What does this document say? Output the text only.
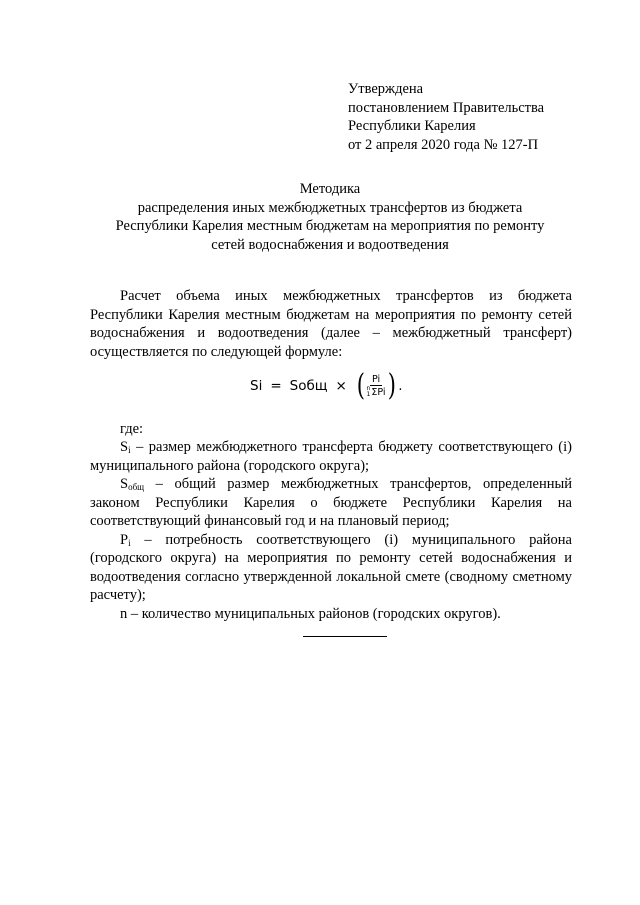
Утверждена
постановлением Правительства
Республики Карелия
от 2 апреля 2020 года № 127-П
Методика
распределения иных межбюджетных трансфертов из бюджета
Республики Карелия местным бюджетам на мероприятия по ремонту
сетей водоснабжения и водоотведения
Расчет объема иных межбюджетных трансфертов из бюджета Республики Карелия местным бюджетам на мероприятия по ремонту сетей водоснабжения и водоотведения (далее – межбюджетный трансферт) осуществляется по следующей формуле:
Si = Sобщ × ( Pi
n
1 ΣPi ) .
где:

$S_i$ – размер межбюджетного трансферта бюджету соответствующего (i) муниципального района (городского округа);

$S_{общ}$ – общий размер межбюджетных трансфертов, определенный законом Республики Карелия о бюджете Республики Карелия на соответствующий финансовый год и на плановый период;

$P_i$ – потребность соответствующего (i) муниципального района (городского округа) на мероприятия по ремонту сетей водоснабжения и водоотведения согласно утвержденной локальной смете (сводному сметному расчету);

n – количество муниципальных районов (городских округов).
